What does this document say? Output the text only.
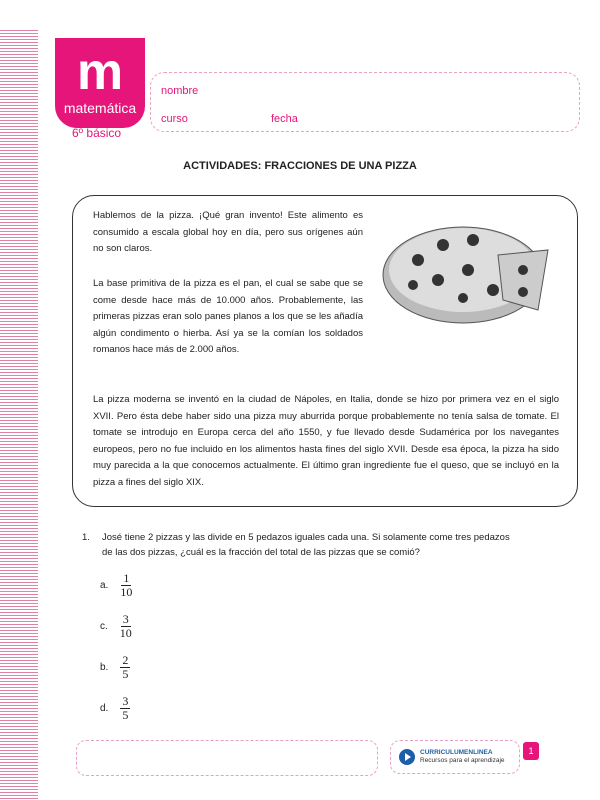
m
matemática
6º básico
nombre
curso	fecha
ACTIVIDADES: FRACCIONES DE UNA PIZZA
Hablemos de la pizza. ¡Qué gran invento! Este alimento es consumido a escala global hoy en día, pero sus orígenes aún no son claros.
La base primitiva de la pizza es el pan, el cual se sabe que se come desde hace más de 10.000 años. Probablemente, las primeras pizzas eran solo panes planos a los que se les añadía algún condimento o hierba. Así ya se la comían los soldados romanos hace más de 2.000 años.
La pizza moderna se inventó en la ciudad de Nápoles, en Italia, donde se hizo por primera vez en el siglo XVII. Pero ésta debe haber sido una pizza muy aburrida porque probablemente no tenía salsa de tomate. El tomate se introdujo en Europa cerca del año 1550, y fue llevado desde Sudamérica por los navegantes europeos, pero no fue incluido en los alimentos hasta fines del siglo XVII. Desde esa época, la pizza ha sido muy parecida a la que conocemos actualmente. El último gran ingrediente fue el queso, que se incluyó en la pizza a fines del siglo XIX.
1. José tiene 2 pizzas y las divide en 5 pedazos iguales cada una. Si solamente come tres pedazos de las dos pizzas, ¿cuál es la fracción del total de las pizzas que se comió?
a. $\frac{1}{10}$
c. $\frac{3}{10}$
b. $\frac{2}{5}$
d. $\frac{3}{5}$
CURRICULUMENLINEA
Recursos para el aprendizaje
1
